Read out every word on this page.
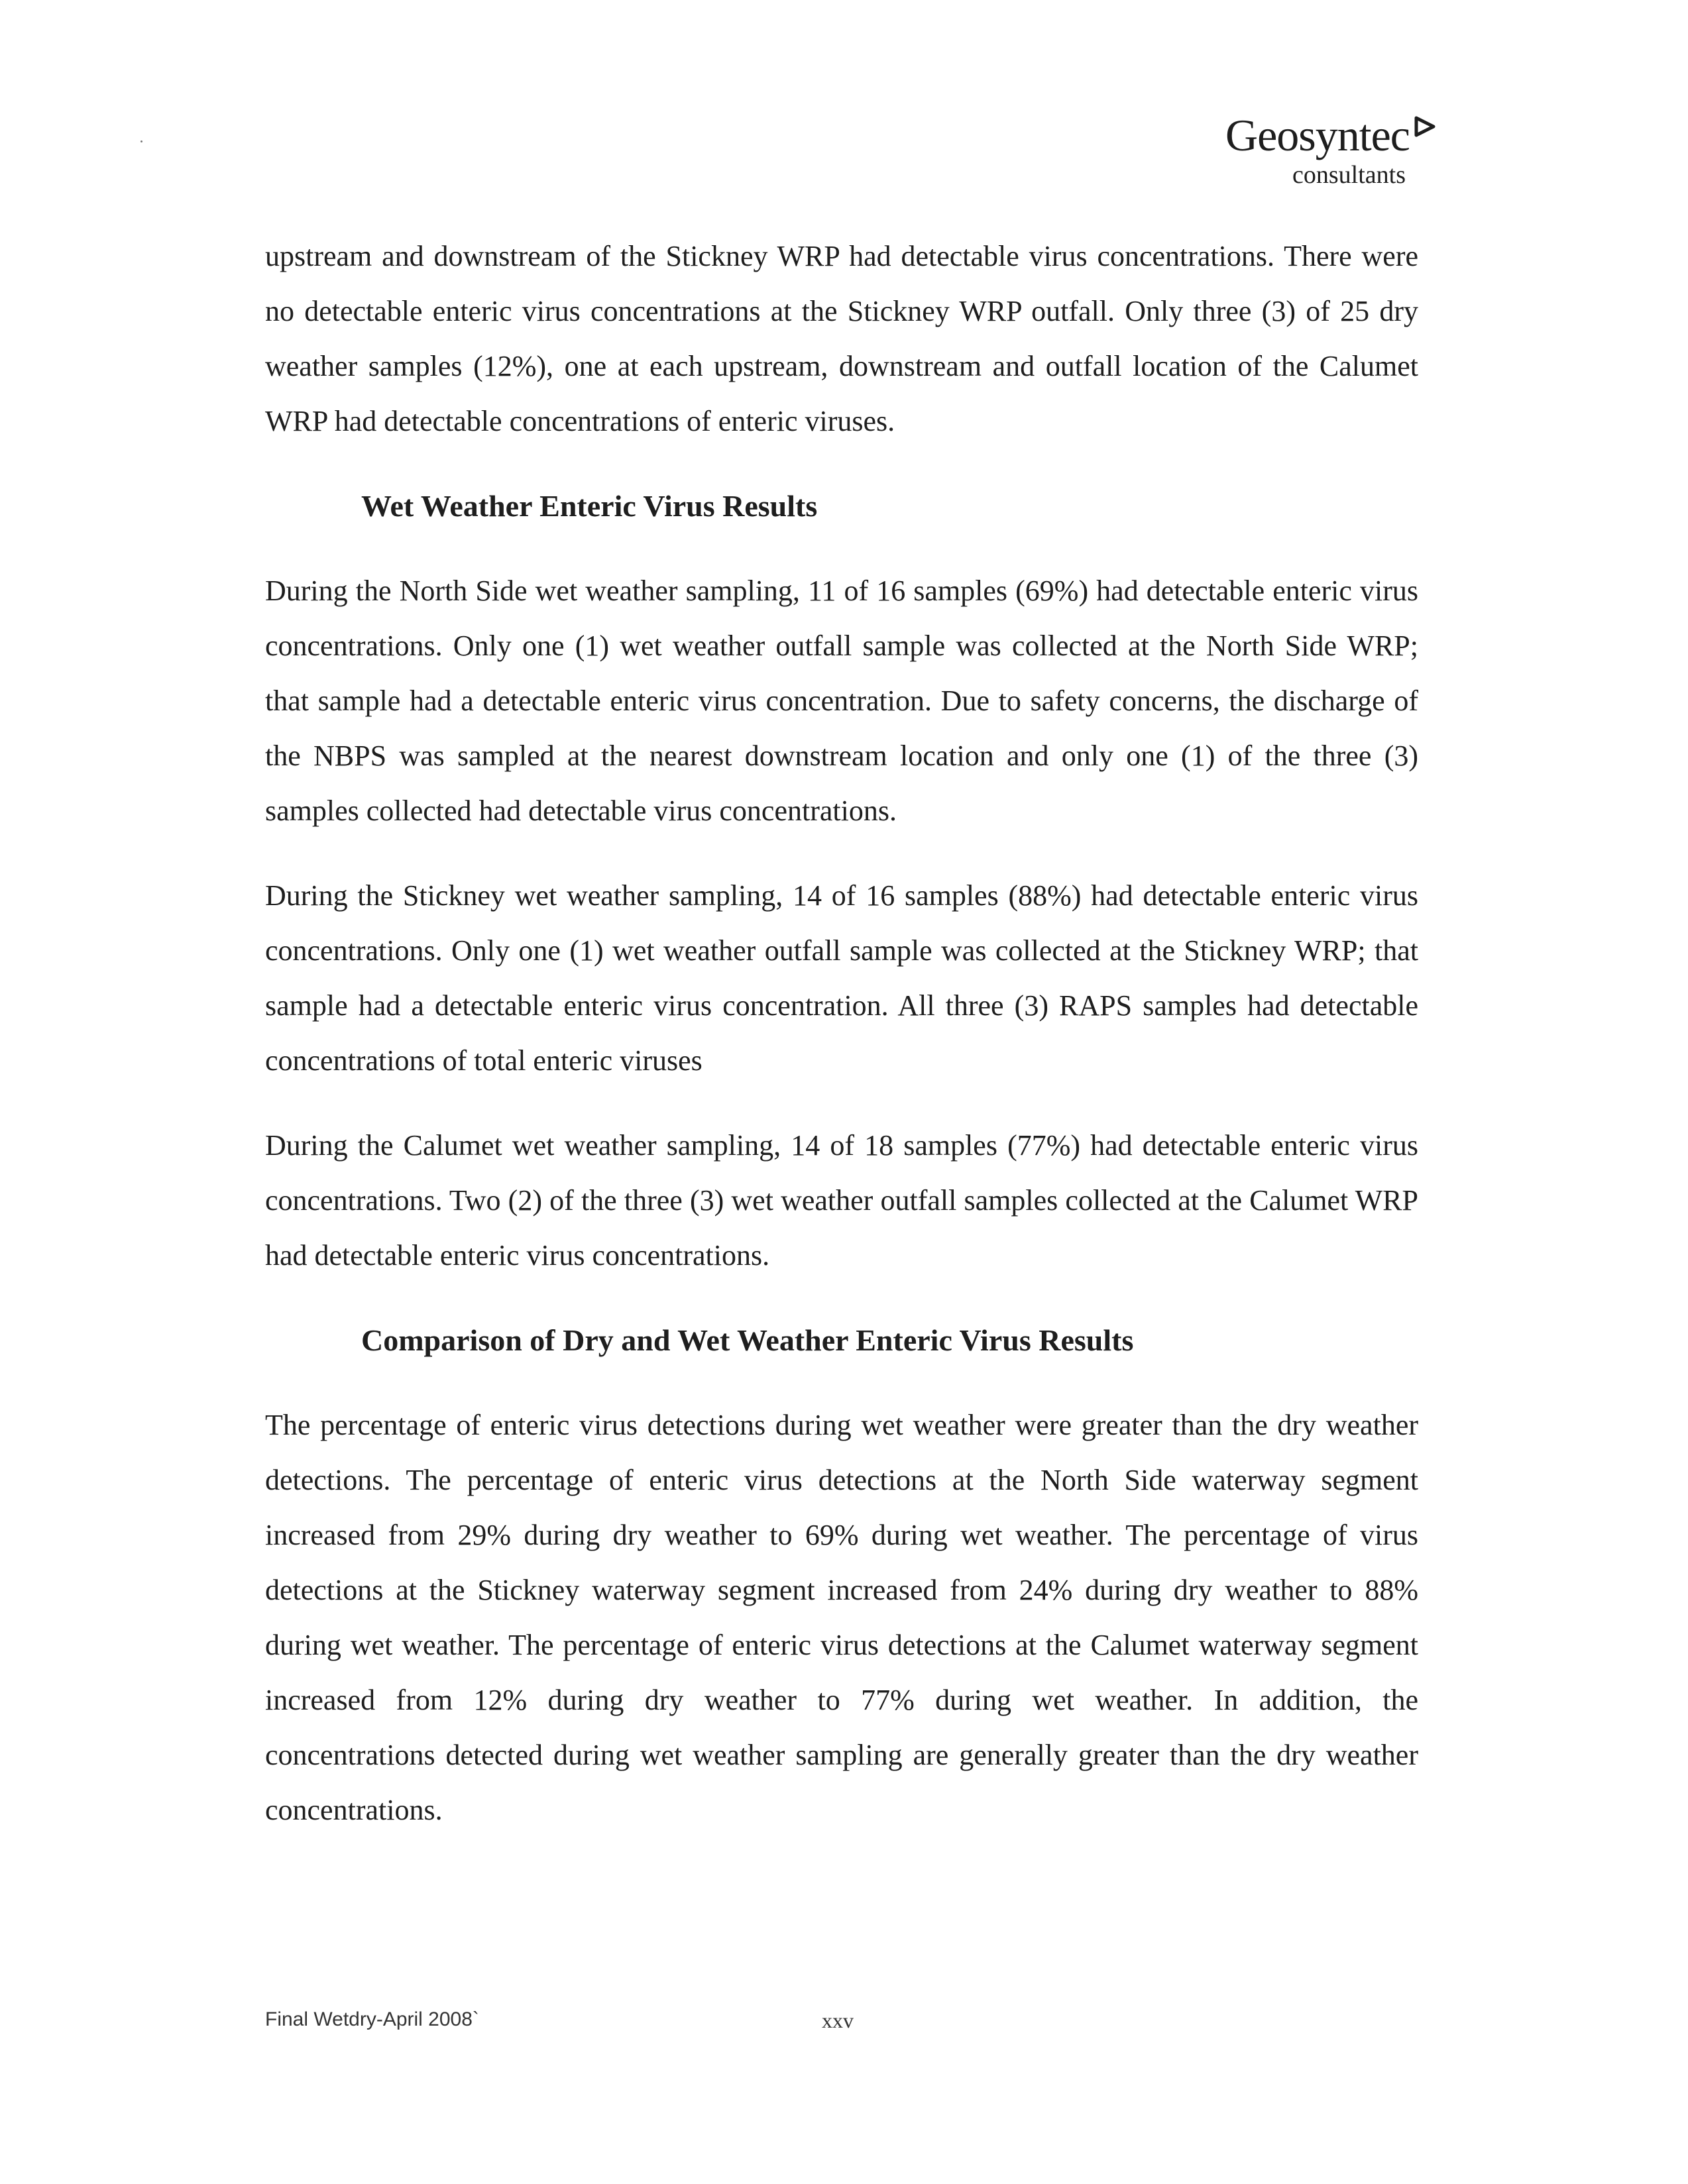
Geosyntec
consultants

upstream and downstream of the Stickney WRP had detectable virus concentrations. There were no detectable enteric virus concentrations at the Stickney WRP outfall. Only three (3) of 25 dry weather samples (12%), one at each upstream, downstream and outfall location of the Calumet WRP had detectable concentrations of enteric viruses.

Wet Weather Enteric Virus Results

During the North Side wet weather sampling, 11 of 16 samples (69%) had detectable enteric virus concentrations. Only one (1) wet weather outfall sample was collected at the North Side WRP; that sample had a detectable enteric virus concentration. Due to safety concerns, the discharge of the NBPS was sampled at the nearest downstream location and only one (1) of the three (3) samples collected had detectable virus concentrations.

During the Stickney wet weather sampling, 14 of 16 samples (88%) had detectable enteric virus concentrations. Only one (1) wet weather outfall sample was collected at the Stickney WRP; that sample had a detectable enteric virus concentration. All three (3) RAPS samples had detectable concentrations of total enteric viruses

During the Calumet wet weather sampling, 14 of 18 samples (77%) had detectable enteric virus concentrations. Two (2) of the three (3) wet weather outfall samples collected at the Calumet WRP had detectable enteric virus concentrations.

Comparison of Dry and Wet Weather Enteric Virus Results

The percentage of enteric virus detections during wet weather were greater than the dry weather detections. The percentage of enteric virus detections at the North Side waterway segment increased from 29% during dry weather to 69% during wet weather. The percentage of virus detections at the Stickney waterway segment increased from 24% during dry weather to 88% during wet weather. The percentage of enteric virus detections at the Calumet waterway segment increased from 12% during dry weather to 77% during wet weather. In addition, the concentrations detected during wet weather sampling are generally greater than the dry weather concentrations.

Final Wetdry-April 2008`	xxv
